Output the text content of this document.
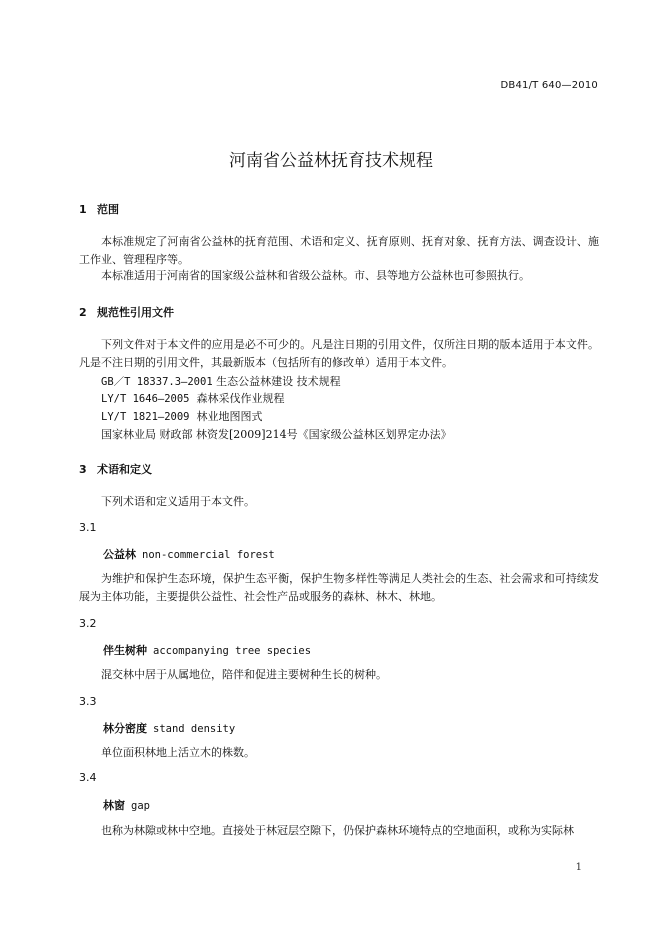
DB41/T 640—2010
河南省公益林抚育技术规程
1 范围
本标准规定了河南省公益林的抚育范围、术语和定义、抚育原则、抚育对象、抚育方法、调查设计、施工作业、管理程序等。
本标准适用于河南省的国家级公益林和省级公益林。市、县等地方公益林也可参照执行。
2 规范性引用文件
下列文件对于本文件的应用是必不可少的。凡是注日期的引用文件，仅所注日期的版本适用于本文件。凡是不注日期的引用文件，其最新版本（包括所有的修改单）适用于本文件。
GB／T 18337.3—2001 生态公益林建设 技术规程
LY/T 1646—2005 森林采伐作业规程
LY/T 1821—2009 林业地图图式
国家林业局 财政部 林资发[2009]214号《国家级公益林区划界定办法》
3 术语和定义
下列术语和定义适用于本文件。
3.1
公益林 non-commercial forest
为维护和保护生态环境，保护生态平衡，保护生物多样性等满足人类社会的生态、社会需求和可持续发展为主体功能，主要提供公益性、社会性产品或服务的森林、林木、林地。
3.2
伴生树种 accompanying tree species
混交林中居于从属地位，陪伴和促进主要树种生长的树种。
3.3
林分密度 stand density
单位面积林地上活立木的株数。
3.4
林窗 gap
也称为林隙或林中空地。直接处于林冠层空隙下，仍保护森林环境特点的空地面积，或称为实际林
1
